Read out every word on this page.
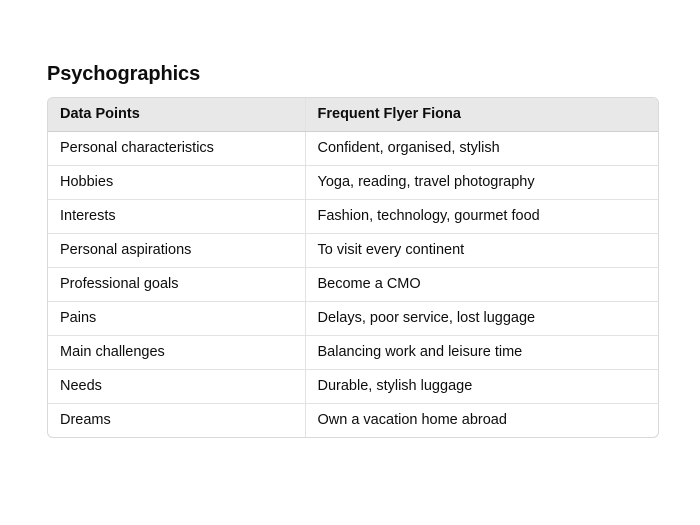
Psychographics
Data Points	Frequent Flyer Fiona
Personal characteristics	Confident, organised, stylish
Hobbies	Yoga, reading, travel photography
Interests	Fashion, technology, gourmet food
Personal aspirations	To visit every continent
Professional goals	Become a CMO
Pains	Delays, poor service, lost luggage
Main challenges	Balancing work and leisure time
Needs	Durable, stylish luggage
Dreams	Own a vacation home abroad
